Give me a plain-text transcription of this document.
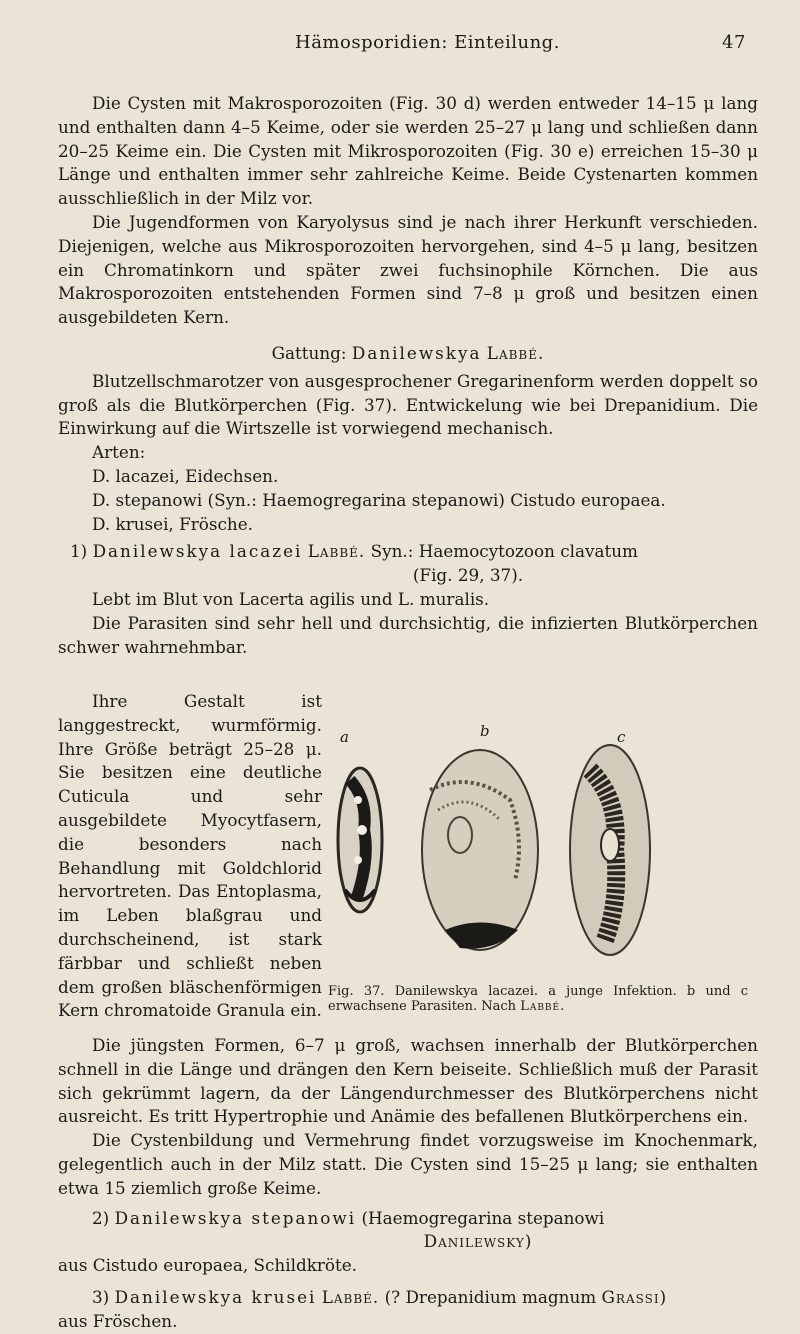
Hämosporidien: Einteilung.	47

Die Cysten mit Makrosporozoiten (Fig. 30 d) werden entweder 14–15 μ lang und enthalten dann 4–5 Keime, oder sie werden 25–27 μ lang und schließen dann 20–25 Keime ein. Die Cysten mit Mikrosporozoiten (Fig. 30 e) erreichen 15–30 μ Länge und enthalten immer sehr zahlreiche Keime. Beide Cystenarten kommen ausschließlich in der Milz vor.

Die Jugendformen von Karyolysus sind je nach ihrer Herkunft verschieden. Diejenigen, welche aus Mikrosporozoiten hervorgehen, sind 4–5 μ lang, besitzen ein Chromatinkorn und später zwei fuchsinophile Körnchen. Die aus Makrosporozoiten entstehenden Formen sind 7–8 μ groß und besitzen einen ausgebildeten Kern.

Gattung: Danilewskya Labbé.

Blutzellschmarotzer von ausgesprochener Gregarinenform werden doppelt so groß als die Blutkörperchen (Fig. 37). Entwickelung wie bei Drepanidium. Die Einwirkung auf die Wirtszelle ist vorwiegend mechanisch.

Arten:

D. lacazei, Eidechsen.

D. stepanowi (Syn.: Haemogregarina stepanowi) Cistudo europaea.

D. krusei, Frösche.

1) Danilewskya lacazei Labbé. Syn.: Haemocytozoon clavatum

(Fig. 29, 37).

Lebt im Blut von Lacerta agilis und L. muralis.

Die Parasiten sind sehr hell und durchsichtig, die infizierten Blutkörperchen schwer wahrnehmbar.

Ihre Gestalt ist langgestreckt, wurmförmig. Ihre Größe beträgt 25–28 μ. Sie besitzen eine deutliche Cuticula und sehr ausgebildete Myocytfasern, die besonders nach Behandlung mit Goldchlorid hervortreten. Das Entoplasma, im Leben blaßgrau und durchscheinend, ist stark färbbar und schließt neben dem großen bläschenförmigen Kern chromatoide Granula ein.

a	b	c
Fig. 37. Danilewskya lacazei. a junge Infektion. b und c erwachsene Parasiten. Nach Labbé.

Die jüngsten Formen, 6–7 μ groß, wachsen innerhalb der Blutkörperchen schnell in die Länge und drängen den Kern beiseite. Schließlich muß der Parasit sich gekrümmt lagern, da der Längendurchmesser des Blutkörperchens nicht ausreicht. Es tritt Hypertrophie und Anämie des befallenen Blutkörperchens ein.

Die Cystenbildung und Vermehrung findet vorzugsweise im Knochenmark, gelegentlich auch in der Milz statt. Die Cysten sind 15–25 μ lang; sie enthalten etwa 15 ziemlich große Keime.

2) Danilewskya stepanowi (Haemogregarina stepanowi

Danilewsky)

aus Cistudo europaea, Schildkröte.

3) Danilewskya krusei Labbé. (? Drepanidium magnum Grassi)

aus Fröschen.
